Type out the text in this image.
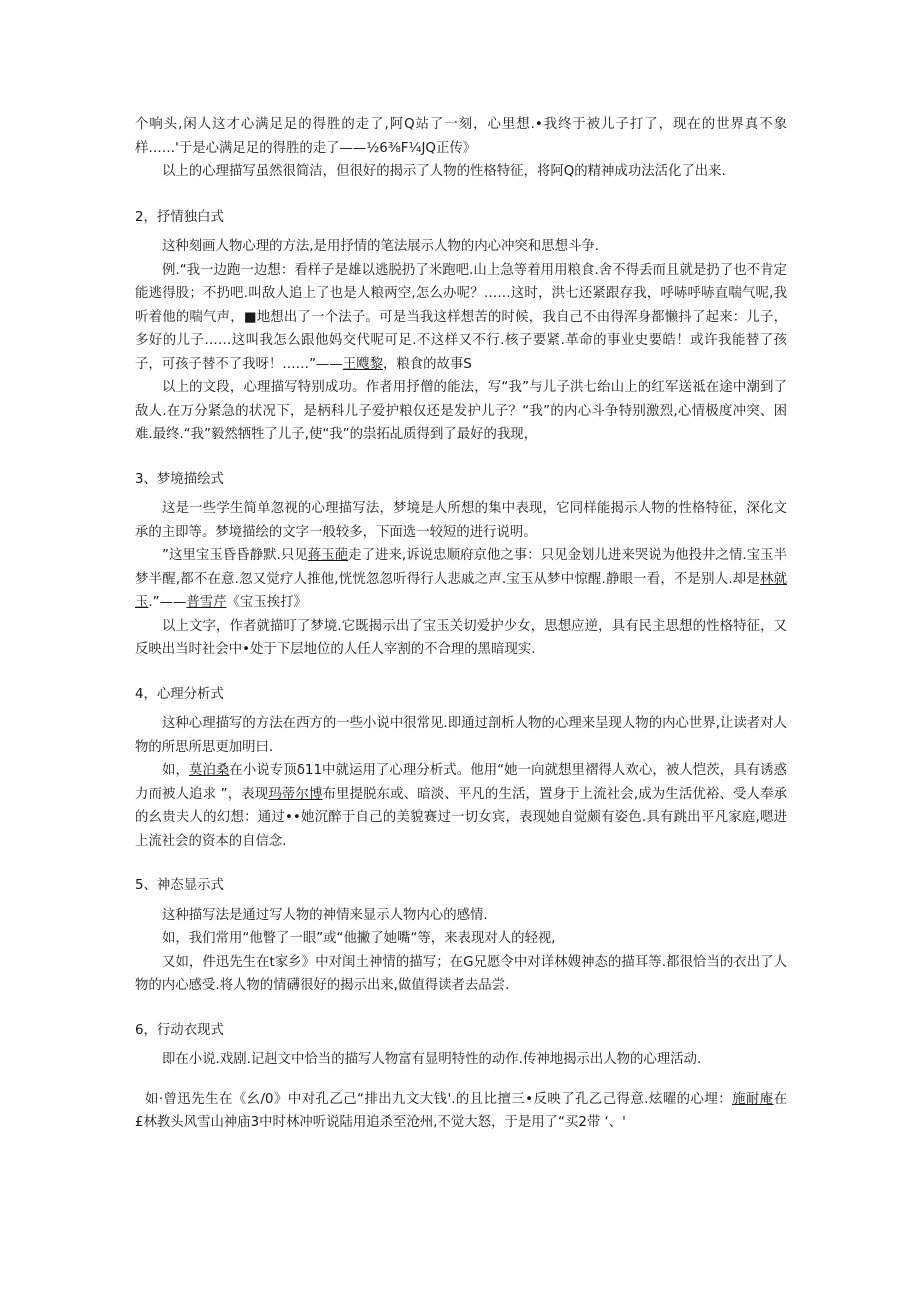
个响头,闲人这才心满足足的得胜的走了,阿Q站了一刻，心里想.•我终于被儿子打了，现在的世界真不象样……'于是心满足足的得胜的走了——½6⅜F¼JQ正传》

以上的心理描写虽然很简洁，但很好的揭示了人物的性格特征，将阿Q的精神成功法活化了出来.

2，抒情独白式

这种刻画人物心理的方法,是用抒情的笔法展示人物的内心冲突和思想斗争.

例.“我一边跑一边想：看样子是雄以逃脱扔了米跑吧.山上急等着用用粮食.舍不得丢而且就是扔了也不肯定能逃得股；不扔吧.叫敌人追上了也是人粮两空,怎么办呢？……这时，洪七还紧跟存我，呼哧呼哧直喘气呢,我听着他的喘气声，■地想出了一个法子。可是当我这样想苦的时候，我自己不由得浑身都懒抖了起来：儿子，多好的儿子……这叫我怎么跟他妈交代呢可足.不这样又不行.核子要紧.革命的事业史要皓！或许我能替了孩子，可孩子替不了我呀！……”——王飕黎，粮食的故事S

以上的文段，心理描写特别成功。作者用抒僧的能法，写“我”与儿子洪七绐山上的红军送祗在途中潮到了敌人.在万分紧急的状况下，是柄科儿子爱护粮仅还是发护儿子？“我”的内心斗争特别激烈,心情极度冲突、困难.最终.“我”毅然牺牲了儿子,使“我”的祟拓乩质得到了最好的我现，

3、梦境描绘式

这是一些学生简单忽视的心理描写法，梦境是人所想的集中表现，它同样能揭示人物的性格特征，深化文承的主即等。梦境描绘的文字一般较多，下面选一较短的进行说明。

”这里宝玉昏昏静默.只见蒋玉葩走了进来,诉说忠顺府京他之事：只见金划儿进来哭说为他投井之情.宝玉半梦半醒,都不在意.忽又觉疗人推他,恍恍忽忽听得行人悲戚之声.宝玉从梦中惊醒.静眼一看，不是别人.却是林就玉.”——普雪芹《宝玉挨打》

以上文字，作者就描叮了梦境.它既揭示出了宝玉关切爱护少女，思想应逆，具有民主思想的性格特征，又反映出当时社会中•处于下层地位的人任人宰割的不合理的黑暗现实.

4，心理分析式

这种心理描写的方法在西方的一些小说中很常见.即通过剖析人物的心理来呈现人物的内心世界,让读者对人物的所思所思更加明曰.

如，莫泊桑在小说专顶δ11中就运用了心理分析式。他用“她一向就想里褶得人欢心，被人恺茨，具有诱惑力而被人追求 ”，表现玛蒂尔博布里提脱东或、暗淡、平凡的生活，置身于上流社会,成为生活优裕、受人奉承的幺贵夫人的幻想：通过••她沉醉于自己的美貌赛过一切女宾，表现她自觉颇有姿色.具有跳出平凡家庭,嗯进上流社会的资本的自信念.

5、神态显示式

这种描写法是通过写人物的神情来显示人物内心的感情.

如，我们常用“他瞥了一眼”或“他撇了她嘴“等，来表现对人的轻视,

又如，件迅先生在t家乡》中对闺土神情的描写；在G兄愿令中对详林嫂神态的描耳等.都很恰当的衣出了人物的内心感受.将人物的情礴很好的揭示出来,做值得读者去品尝.

6，行动衣现式

即在小说.戏剧.记赳文中恰当的描写人物富有显明特性的动作.传神地揭示出人物的心理活动.

如·曾迅先生在《幺/0》中对孔乙己“排出九文大钱'.的且比擅三•反映了孔乙己得意.炫曜的心埋：施耐庵在£林教头风雪山神庙3中时林冲听说陆用追杀至沧州,不觉大怒，于是用了“买2带 ‘、'
